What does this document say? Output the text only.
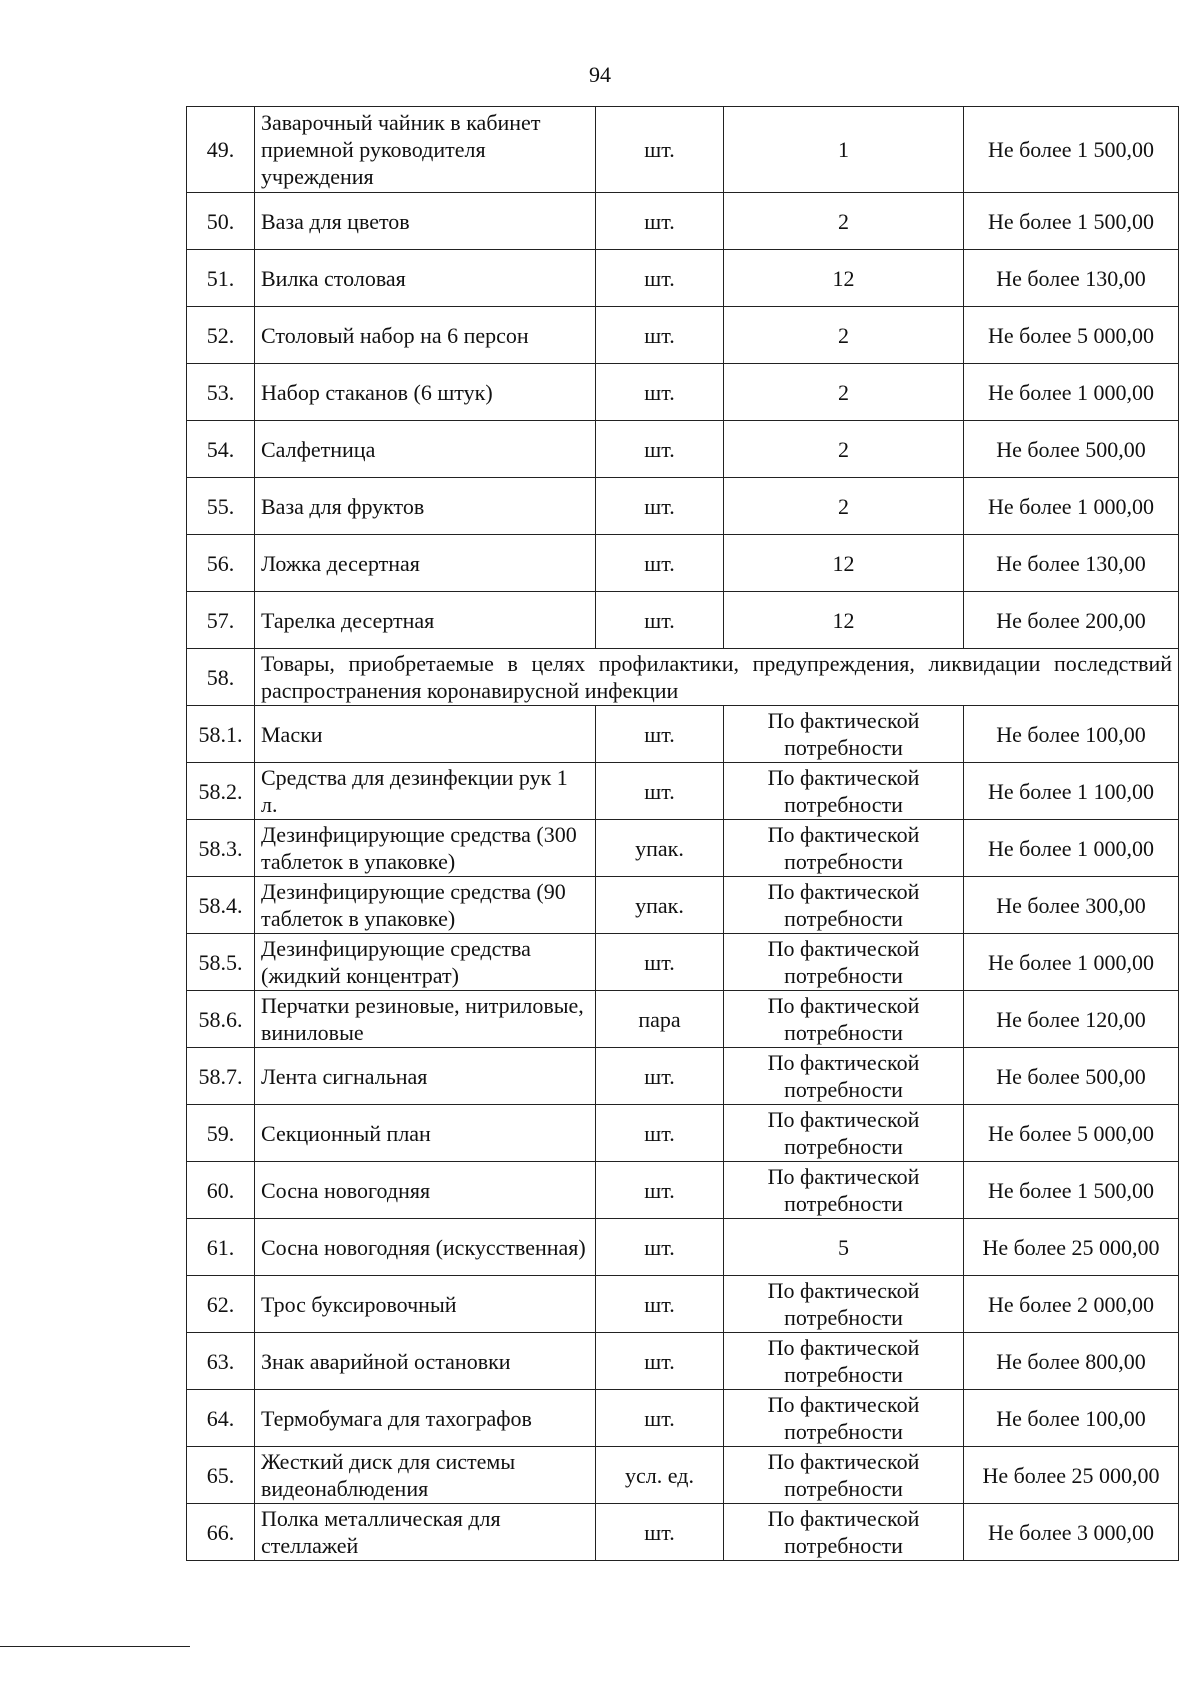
94
49.	Заварочный чайник в кабинет приемной руководителя учреждения	шт.	1	Не более 1 500,00
50.	Ваза для цветов	шт.	2	Не более 1 500,00
51.	Вилка столовая	шт.	12	Не более 130,00
52.	Столовый набор на 6 персон	шт.	2	Не более 5 000,00
53.	Набор стаканов (6 штук)	шт.	2	Не более 1 000,00
54.	Салфетница	шт.	2	Не более 500,00
55.	Ваза для фруктов	шт.	2	Не более 1 000,00
56.	Ложка десертная	шт.	12	Не более 130,00
57.	Тарелка десертная	шт.	12	Не более 200,00
58.	Товары, приобретаемые в целях профилактики, предупреждения, ликвидации последствий распространения коронавирусной инфекции			
58.1.	Маски	шт.	По фактической потребности	Не более 100,00
58.2.	Средства для дезинфекции рук 1 л.	шт.	По фактической потребности	Не более 1 100,00
58.3.	Дезинфицирующие средства (300 таблеток в упаковке)	упак.	По фактической потребности	Не более 1 000,00
58.4.	Дезинфицирующие средства (90 таблеток в упаковке)	упак.	По фактической потребности	Не более 300,00
58.5.	Дезинфицирующие средства (жидкий концентрат)	шт.	По фактической потребности	Не более 1 000,00
58.6.	Перчатки резиновые, нитриловые, виниловые	пара	По фактической потребности	Не более 120,00
58.7.	Лента сигнальная	шт.	По фактической потребности	Не более 500,00
59.	Секционный план	шт.	По фактической потребности	Не более 5 000,00
60.	Сосна новогодняя	шт.	По фактической потребности	Не более 1 500,00
61.	Сосна новогодняя (искусственная)	шт.	5	Не более 25 000,00
62.	Трос буксировочный	шт.	По фактической потребности	Не более 2 000,00
63.	Знак аварийной остановки	шт.	По фактической потребности	Не более 800,00
64.	Термобумага для тахографов	шт.	По фактической потребности	Не более 100,00
65.	Жесткий диск для системы видеонаблюдения	усл. ед.	По фактической потребности	Не более 25 000,00
66.	Полка металлическая для стеллажей	шт.	По фактической потребности	Не более 3 000,00
